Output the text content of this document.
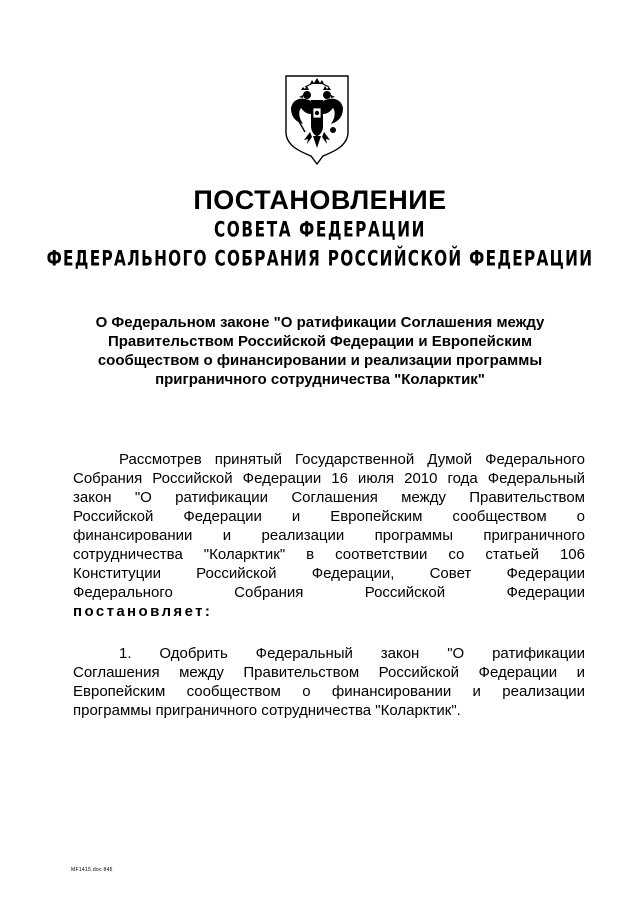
ПОСТАНОВЛЕНИЕ
СОВЕТА ФЕДЕРАЦИИ
ФЕДЕРАЛЬНОГО СОБРАНИЯ РОССИЙСКОЙ ФЕДЕРАЦИИ
О Федеральном законе "О ратификации Соглашения между
Правительством Российской Федерации и Европейским
сообществом о финансировании и реализации программы
приграничного сотрудничества "Коларктик"
Рассмотрев принятый Государственной Думой Федерального
Собрания Российской Федерации 16 июля 2010 года Федеральный
закон "О ратификации Соглашения между Правительством
Российской Федерации и Европейским сообществом о
финансировании и реализации программы приграничного
сотрудничества "Коларктик" в соответствии со статьей 106
Конституции Российской Федерации, Совет Федерации
Федерального Собрания Российской Федерации
постановляет:
1. Одобрить Федеральный закон "О ратификации
Соглашения между Правительством Российской Федерации и
Европейским сообществом о финансировании и реализации
программы приграничного сотрудничества "Коларктик".
MF1415.doc 845
